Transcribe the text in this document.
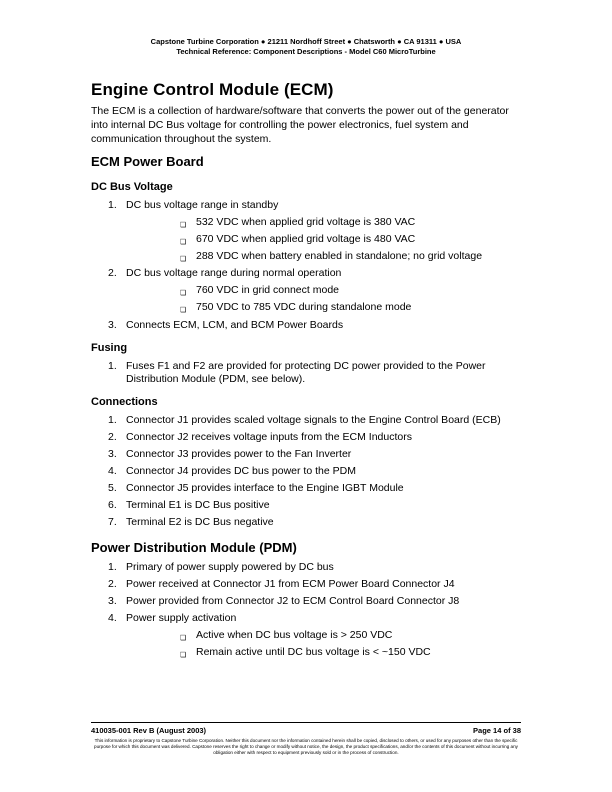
Capstone Turbine Corporation ● 21211 Nordhoff Street ● Chatsworth ● CA 91311 ● USA
Technical Reference: Component Descriptions - Model C60 MicroTurbine
Engine Control Module (ECM)

The ECM is a collection of hardware/software that converts the power out of the generator into internal DC Bus voltage for controlling the power electronics, fuel system and communication throughout the system.

ECM Power Board
DC Bus Voltage
1. DC bus voltage range in standby
❏ 532 VDC when applied grid voltage is 380 VAC
❏ 670 VDC when applied grid voltage is 480 VAC
❏ 288 VDC when battery enabled in standalone; no grid voltage
2. DC bus voltage range during normal operation
❏ 760 VDC in grid connect mode
❏ 750 VDC to 785 VDC during standalone mode
3. Connects ECM, LCM, and BCM Power Boards
Fusing
1. Fuses F1 and F2 are provided for protecting DC power provided to the Power Distribution Module (PDM, see below).
Connections
1. Connector J1 provides scaled voltage signals to the Engine Control Board (ECB)
2. Connector J2 receives voltage inputs from the ECM Inductors
3. Connector J3 provides power to the Fan Inverter
4. Connector J4 provides DC bus power to the PDM
5. Connector J5 provides interface to the Engine IGBT Module
6. Terminal E1 is DC Bus positive
7. Terminal E2 is DC Bus negative
Power Distribution Module (PDM)
1. Primary of power supply powered by DC bus
2. Power received at Connector J1 from ECM Power Board Connector J4
3. Power provided from Connector J2 to ECM Control Board Connector J8
4. Power supply activation
❏ Active when DC bus voltage is > 250 VDC
❏ Remain active until DC bus voltage is < ~150 VDC
410035-001 Rev B (August 2003)	Page 14 of 38
This information is proprietary to Capstone Turbine Corporation. Neither this document nor the information contained herein shall be copied, disclosed to others, or used for any purposes other than the specific purpose for which this document was delivered. Capstone reserves the right to change or modify without notice, the design, the product specifications, and/or the contents of this document without incurring any obligation either with respect to equipment previously sold or in the process of construction.
